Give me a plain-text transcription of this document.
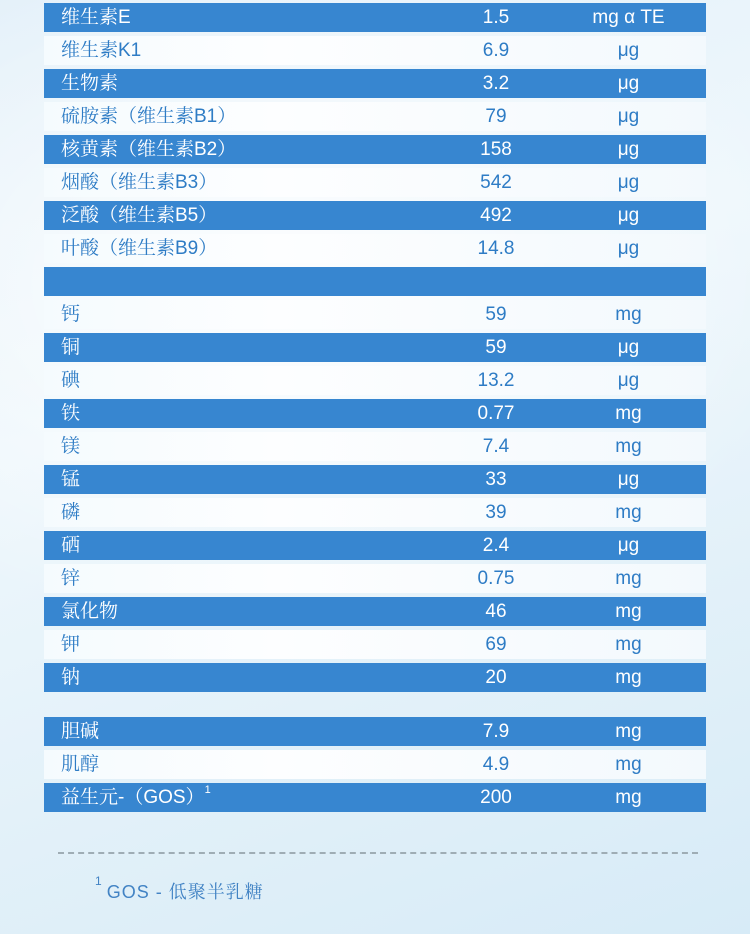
维生素E	1.5	mg α TE
维生素K1	6.9	μg
生物素	3.2	μg
硫胺素（维生素B1）	79	μg
核黄素（维生素B2）	158	μg
烟酸（维生素B3）	542	μg
泛酸（维生素B5）	492	μg
叶酸（维生素B9）	14.8	μg
钙	59	mg
铜	59	μg
碘	13.2	μg
铁	0.77	mg
镁	7.4	mg
锰	33	μg
磷	39	mg
硒	2.4	μg
锌	0.75	mg
氯化物	46	mg
钾	69	mg
钠	20	mg
胆碱	7.9	mg
肌醇	4.9	mg
益生元-（GOS）$^1$	200	mg
$^1$GOS - 低聚半乳糖
